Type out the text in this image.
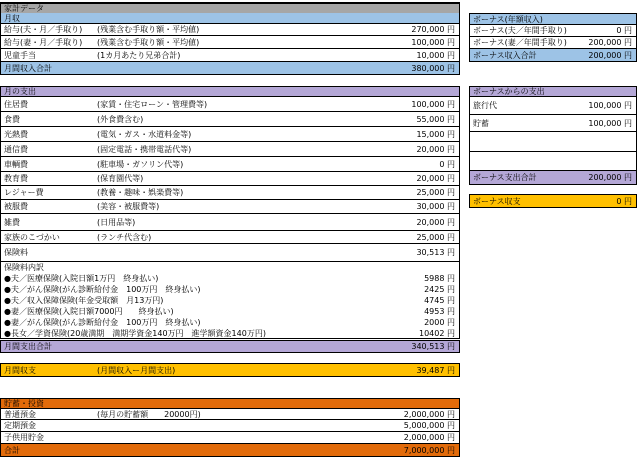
家計データ
月収
給与(夫・月／手取り) (残業含む手取り額・平均値)	270,000 円
給与(妻・月／手取り) (残業含む手取り額・平均値)	100,000 円
児童手当	(1カ月あたり兄弟合計)	10,000 円
月間収入合計	380,000 円
ボーナス(年額収入)
ボーナス(夫／年間手取り)	0 円
ボーナス(妻／年間手取り)	200,000 円
ボーナス収入合計	200,000 円
月の支出
保険料内訳
月間支出合計	340,513 円
ボーナスからの支出
ボーナス支出合計	200,000 円
ボーナス収支	0 円
月間収支	(月間収入ー月間支出)	39,487 円
貯蓄・投資
普通預金	(毎月の貯蓄額　　20000円)	2,000,000 円
定期預金	5,000,000 円
子供用貯金	2,000,000 円
合計	7,000,000 円
住居費	(家賃・住宅ローン・管理費等)	100,000 円
食費	(外食費含む)	55,000 円
光熱費	(電気・ガス・水道料金等)	15,000 円
通信費	(固定電話・携帯電話代等)	20,000 円
車輌費	(駐車場・ガソリン代等)	0 円
教育費	(保育園代等)	20,000 円
レジャー費	(教養・趣味・娯楽費等)	25,000 円
被服費	(美容・被服費等)	30,000 円
雑費	(日用品等)	20,000 円
家族のこづかい	(ランチ代含む)	25,000 円
保険料	30,513 円
●夫／医療保険(入院日額1万円　終身払い)	5988 円
●夫／がん保険(がん診断給付金　100万円　終身払い)	2425 円
●夫／収入保障保険(年金受取額　月13万円)	4745 円
●妻／医療保険(入院日額7000円　　終身払い)	4953 円
●妻／がん保険(がん診断給付金　100万円　終身払い)	2000 円
●長女／学資保険(20歳満期　満期学資金140万円　進学額資金140万円)	10402 円
旅行代	100,000 円
貯蓄	100,000 円
